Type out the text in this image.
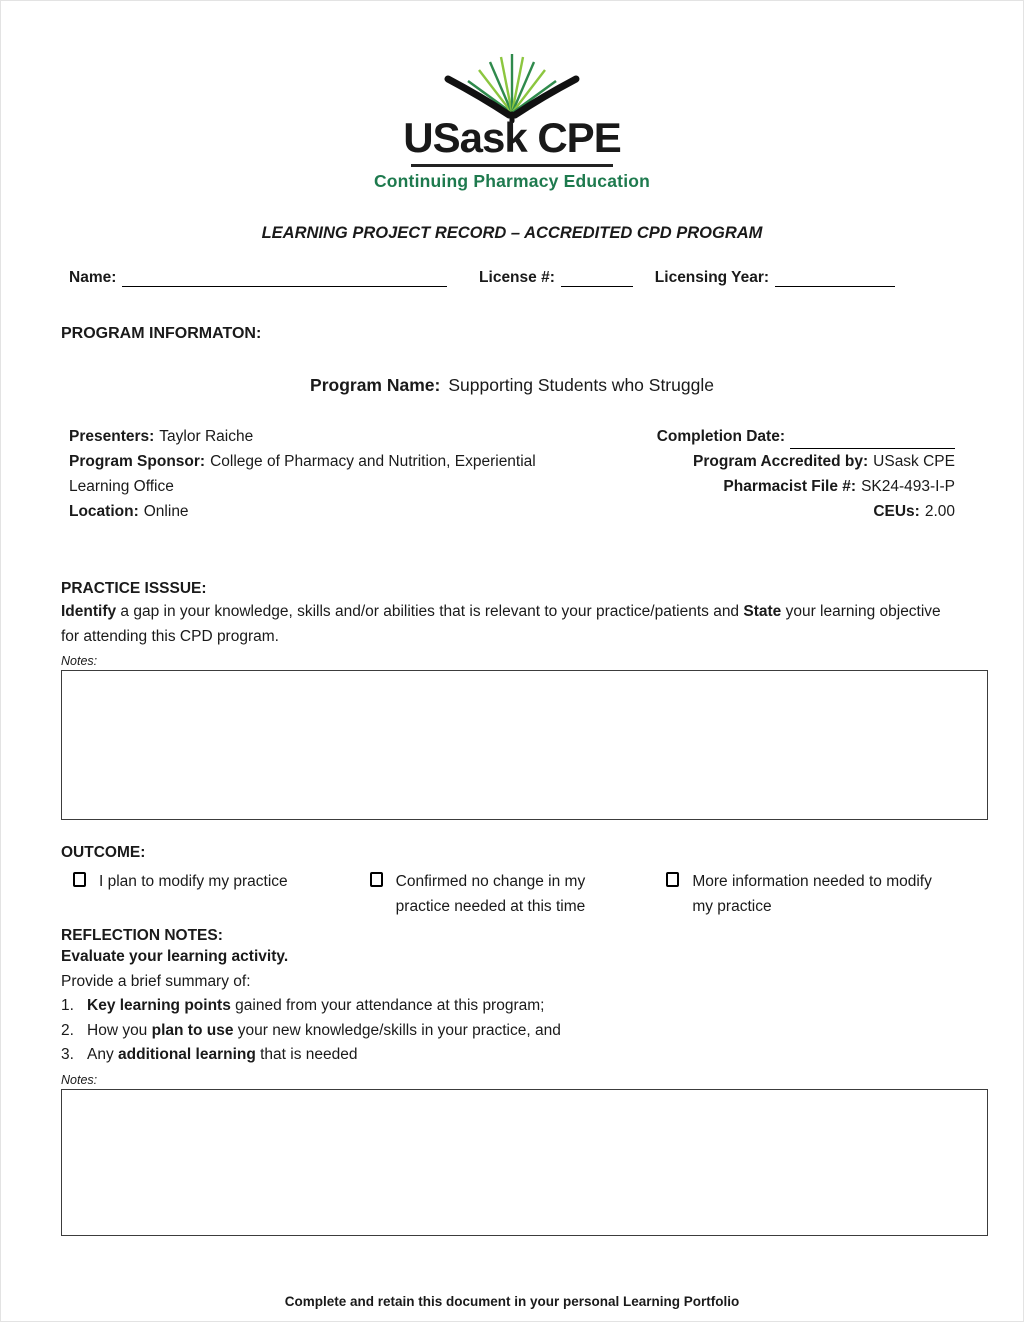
USask CPE
Continuing Pharmacy Education
LEARNING PROJECT RECORD – ACCREDITED CPD PROGRAM
Name:	License #:	Licensing Year:
PROGRAM INFORMATON:
Program Name: Supporting Students who Struggle
Presenters: Taylor Raiche
Program Sponsor: College of Pharmacy and Nutrition, Experiential Learning Office
Location: Online
Completion Date:
Program Accredited by: USask CPE
Pharmacist File #: SK24-493-I-P
CEUs: 2.00
PRACTICE ISSSUE:
Identify a gap in your knowledge, skills and/or abilities that is relevant to your practice/patients and State your learning objective for attending this CPD program.
Notes:
OUTCOME:
I plan to modify my practice	Confirmed no change in my practice needed at this time
More information needed to modify my practice
REFLECTION NOTES:
Evaluate your learning activity.
Provide a brief summary of:
1. Key learning points gained from your attendance at this program;
2. How you plan to use your new knowledge/skills in your practice, and
3. Any additional learning that is needed
Notes:
Complete and retain this document in your personal Learning Portfolio
